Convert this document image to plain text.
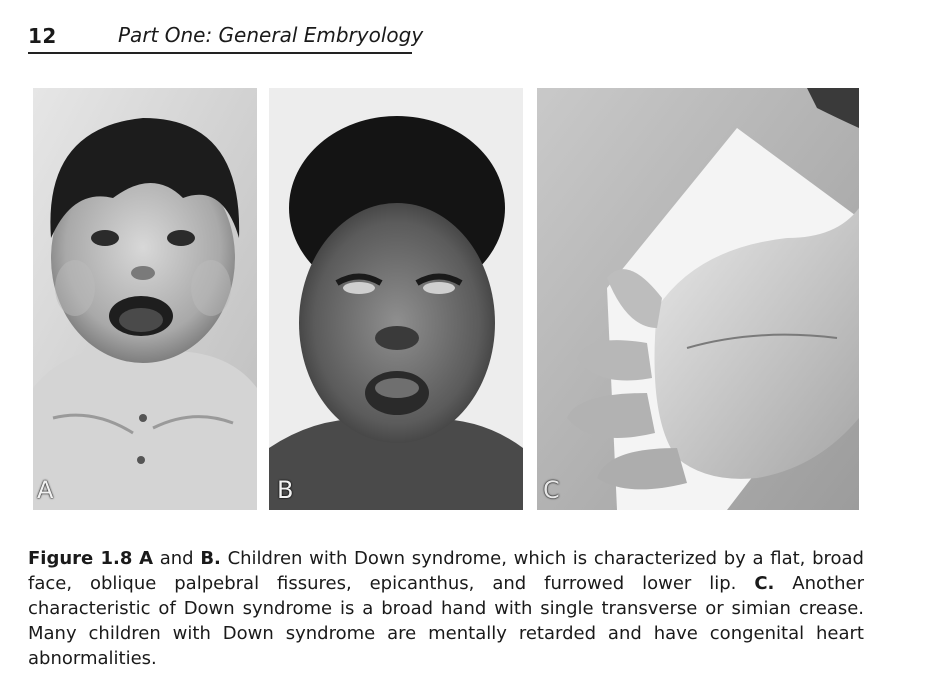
12	Part One: General Embryology
A	B	C

Figure 1.8 A and B. Children with Down syndrome, which is characterized by a flat, broad face, oblique palpebral fissures, epicanthus, and furrowed lower lip. C. Another characteristic of Down syndrome is a broad hand with single transverse or simian crease. Many children with Down syndrome are mentally retarded and have congenital heart abnormalities.
